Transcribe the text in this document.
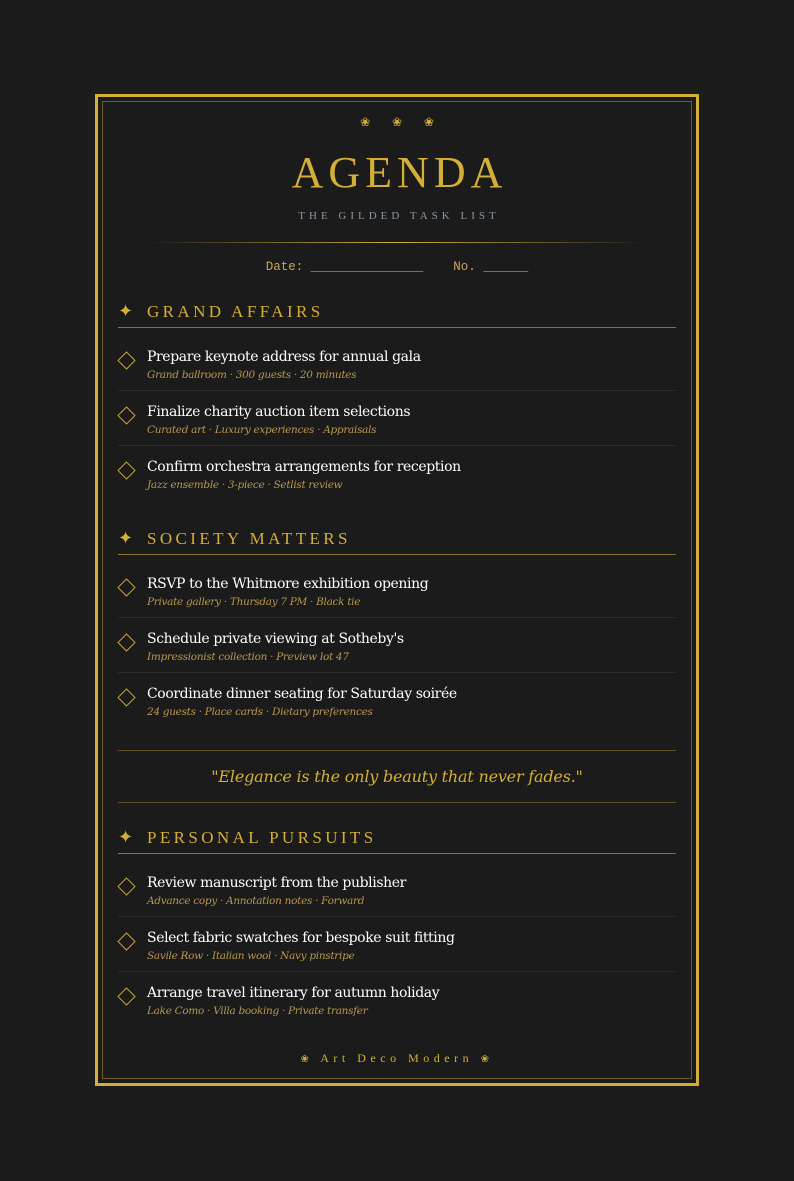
❀ ❀ ❀
AGENDA
THE GILDED TASK LIST
Date: _______________ No. ______
✦ GRAND AFFAIRS
Prepare keynote address for annual gala
Grand ballroom · 300 guests · 20 minutes
Finalize charity auction item selections
Curated art · Luxury experiences · Appraisals
Confirm orchestra arrangements for reception
Jazz ensemble · 3-piece · Setlist review
✦ SOCIETY MATTERS
RSVP to the Whitmore exhibition opening
Private gallery · Thursday 7 PM · Black tie
Schedule private viewing at Sotheby's
Impressionist collection · Preview lot 47
Coordinate dinner seating for Saturday soirée
24 guests · Place cards · Dietary preferences
"Elegance is the only beauty that never fades."
✦ PERSONAL PURSUITS
Review manuscript from the publisher
Advance copy · Annotation notes · Forward
Select fabric swatches for bespoke suit fitting
Savile Row · Italian wool · Navy pinstripe
Arrange travel itinerary for autumn holiday
Lake Como · Villa booking · Private transfer
❀ Art Deco Modern ❀
